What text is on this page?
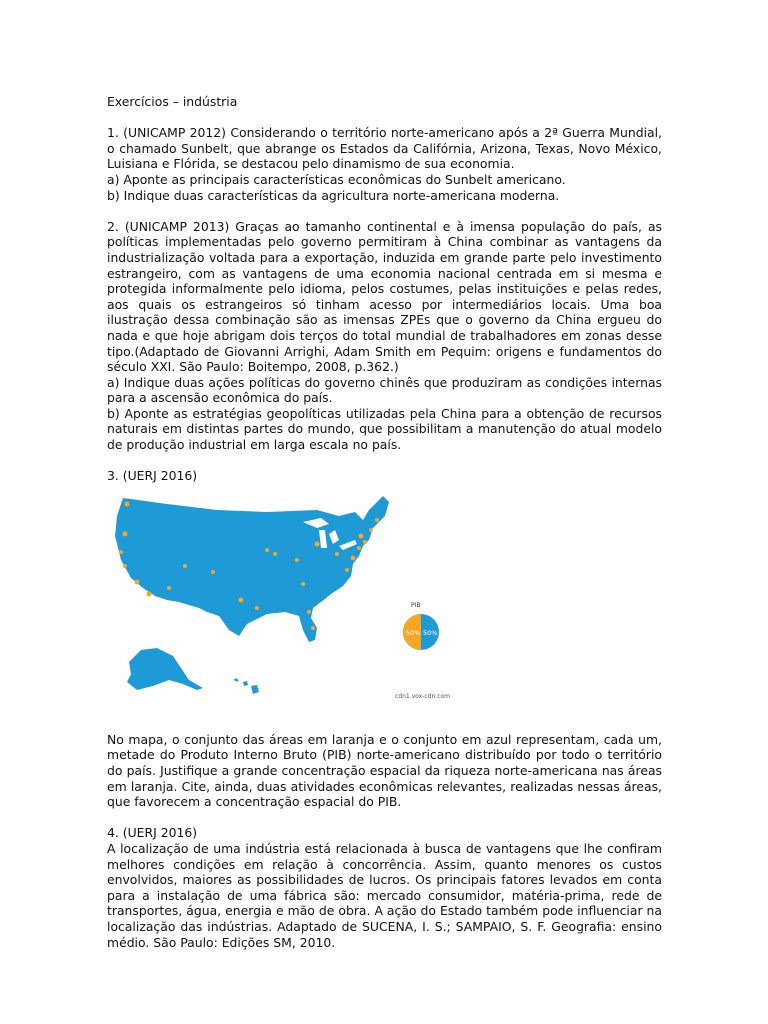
Exercícios – indústria

1. (UNICAMP 2012) Considerando o território norte-americano após a 2ª Guerra Mundial, o chamado Sunbelt, que abrange os Estados da Califórnia, Arizona, Texas, Novo México, Luisiana e Flórida, se destacou pelo dinamismo de sua economia.

a) Aponte as principais características econômicas do Sunbelt americano.

b) Indique duas características da agricultura norte-americana moderna.

2. (UNICAMP 2013) Graças ao tamanho continental e à imensa população do país, as políticas implementadas pelo governo permitiram à China combinar as vantagens da industrialização voltada para a exportação, induzida em grande parte pelo investimento estrangeiro, com as vantagens de uma economia nacional centrada em si mesma e protegida informalmente pelo idioma, pelos costumes, pelas instituições e pelas redes, aos quais os estrangeiros só tinham acesso por intermediários locais. Uma boa ilustração dessa combinação são as imensas ZPEs que o governo da China ergueu do nada e que hoje abrigam dois terços do total mundial de trabalhadores em zonas desse tipo.(Adaptado de Giovanni Arrighi, Adam Smith em Pequim: origens e fundamentos do século XXI. São Paulo: Boitempo, 2008, p.362.)

a) Indique duas ações políticas do governo chinês que produziram as condições internas para a ascensão econômica do país.

b) Aponte as estratégias geopolíticas utilizadas pela China para a obtenção de recursos naturais em distintas partes do mundo, que possibilitam a manutenção do atual modelo de produção industrial em larga escala no país.

3. (UERJ 2016)

PIB
50% 50%
cdn1.vox-cdn.com

No mapa, o conjunto das áreas em laranja e o conjunto em azul representam, cada um, metade do Produto Interno Bruto (PIB) norte-americano distribuído por todo o território do país. Justifique a grande concentração espacial da riqueza norte-americana nas áreas em laranja. Cite, ainda, duas atividades econômicas relevantes, realizadas nessas áreas, que favorecem a concentração espacial do PIB.

4. (UERJ 2016)

A localização de uma indústria está relacionada à busca de vantagens que lhe confiram melhores condições em relação à concorrência. Assim, quanto menores os custos envolvidos, maiores as possibilidades de lucros. Os principais fatores levados em conta para a instalação de uma fábrica são: mercado consumidor, matéria-prima, rede de transportes, água, energia e mão de obra. A ação do Estado também pode influenciar na localização das indústrias. Adaptado de SUCENA, I. S.; SAMPAIO, S. F. Geografia: ensino médio. São Paulo: Edições SM, 2010.
